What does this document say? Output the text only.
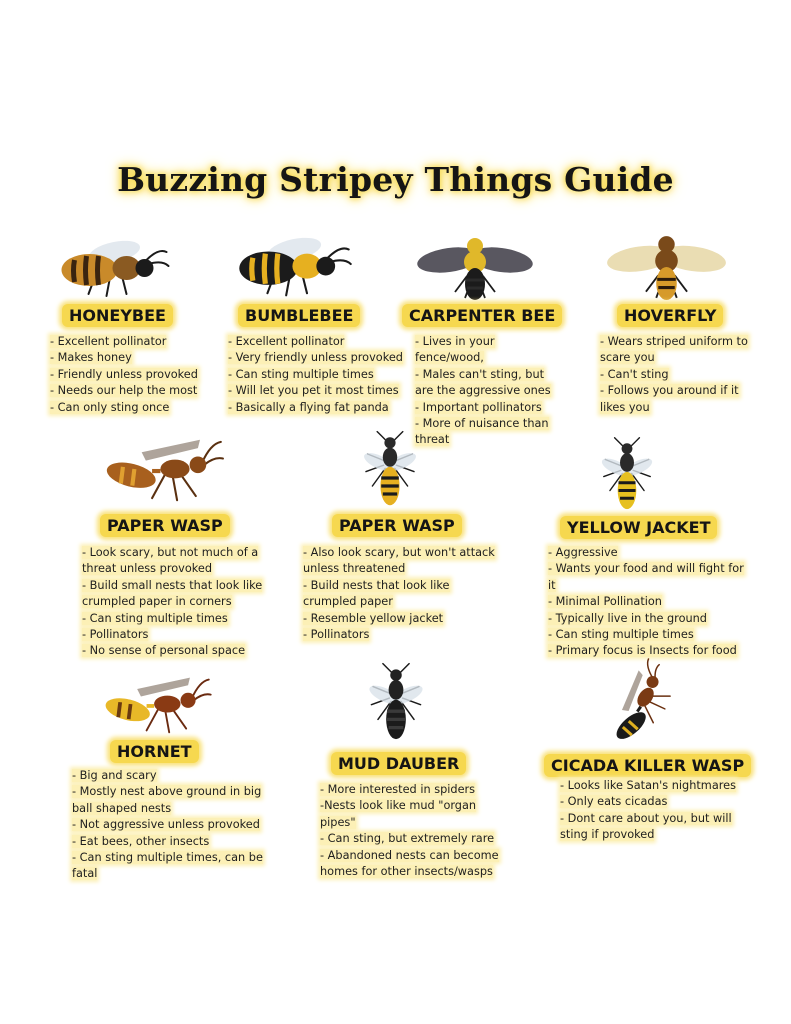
Buzzing Stripey Things Guide
HONEYBEE
- Excellent pollinator
- Makes honey
- Friendly unless provoked
- Needs our help the most
- Can only sting once
BUMBLEBEE
- Excellent pollinator
- Very friendly unless provoked
- Can sting multiple times
- Will let you pet it most times
- Basically a flying fat panda
CARPENTER BEE
- Lives in your fence/wood,
- Males can't sting, but are the aggressive ones
- Important pollinators
- More of nuisance than threat
HOVERFLY
- Wears striped uniform to scare you
- Can't sting
- Follows you around if it likes you
PAPER WASP
- Look scary, but not much of a threat unless provoked
- Build small nests that look like crumpled paper in corners
- Can sting multiple times
- Pollinators
- No sense of personal space
PAPER WASP
- Also look scary, but won't attack unless threatened
- Build nests that look like crumpled paper
- Resemble yellow jacket
- Pollinators
YELLOW JACKET
- Aggressive
- Wants your food and will fight for it
- Minimal Pollination
- Typically live in the ground
- Can sting multiple times
- Primary focus is Insects for food
HORNET
- Big and scary
- Mostly nest above ground in big ball shaped nests
- Not aggressive unless provoked
- Eat bees, other insects
- Can sting multiple times, can be fatal
MUD DAUBER
- More interested in spiders
-Nests look like mud "organ pipes"
- Can sting, but extremely rare
- Abandoned nests can become homes for other insects/wasps
CICADA KILLER WASP
- Looks like Satan's nightmares
- Only eats cicadas
- Dont care about you, but will sting if provoked
